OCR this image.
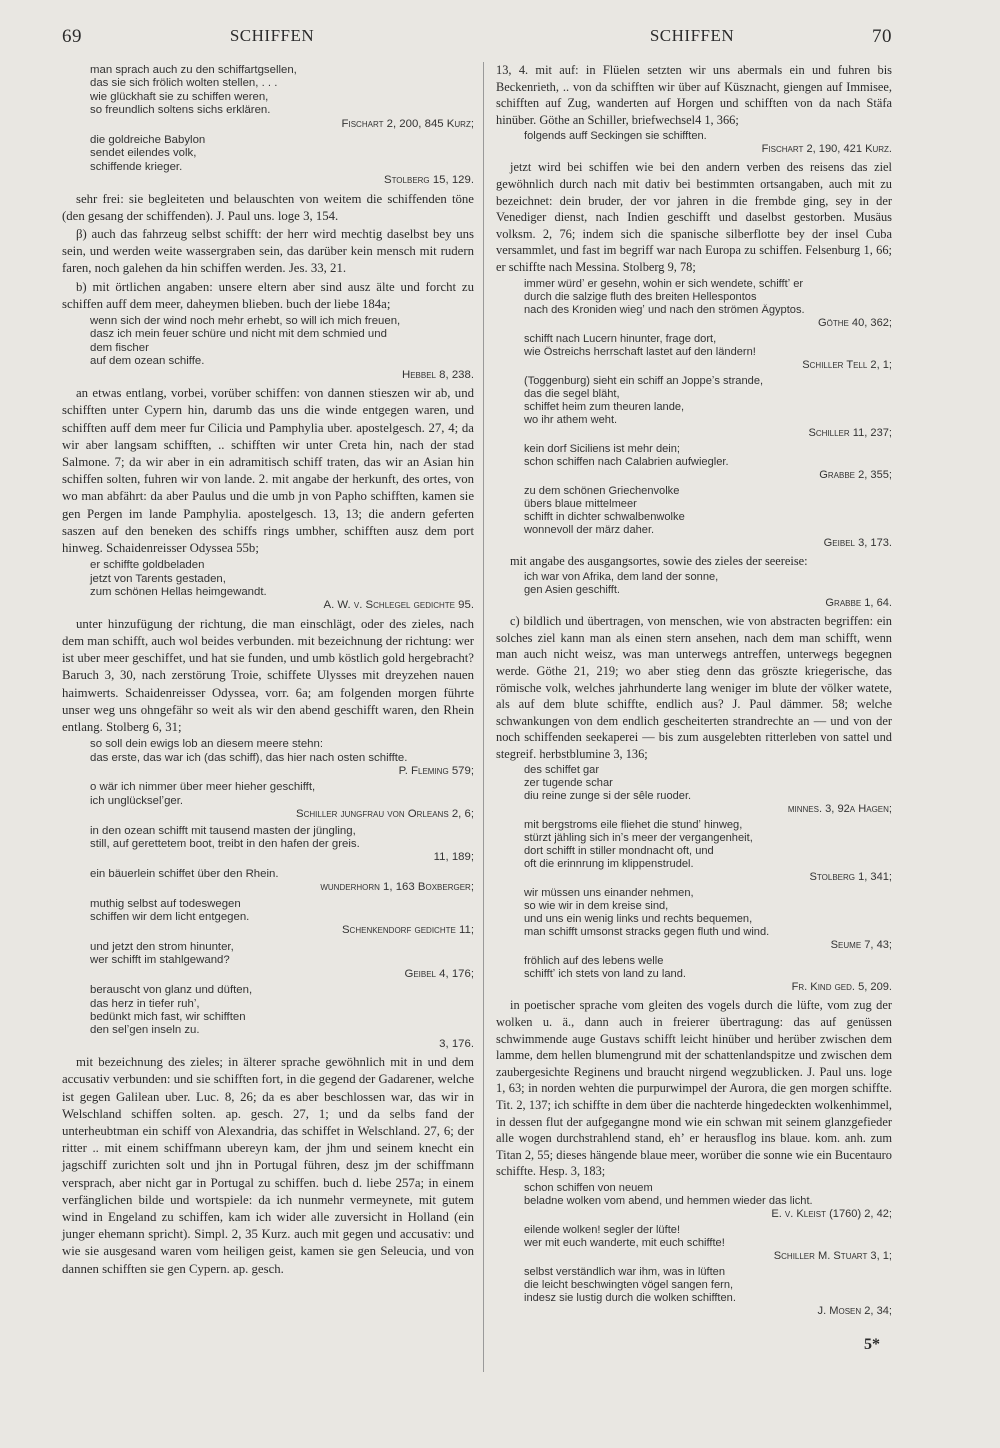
69	SCHIFFEN	SCHIFFEN	70
man sprach auch zu den schiffartgsellen,
das sie sich frölich wolten stellen, . . .
wie glückhaft sie zu schiffen weren,
so freundlich soltens sichs erklären.
Fischart 2, 200, 845 Kurz;
die goldreiche Babylon
sendet eilendes volk,
schiffende krieger.
Stolberg 15, 129.

sehr frei: sie begleiteten und belauschten von weitem die schiffenden töne (den gesang der schiffenden). J. Paul uns. loge 3, 154.

β) auch das fahrzeug selbst schifft: der herr wird mechtig daselbst bey uns sein, und werden weite wassergraben sein, das darüber kein mensch mit rudern faren, noch galehen da hin schiffen werden. Jes. 33, 21.

b) mit örtlichen angaben: unsere eltern aber sind ausz älte und forcht zu schiffen auff dem meer, daheymen blieben. buch der liebe 184a;

wenn sich der wind noch mehr erhebt, so will ich mich freuen,
dasz ich mein feuer schüre und nicht mit dem schmied und
dem fischer
auf dem ozean schiffe.
Hebbel 8, 238.

an etwas entlang, vorbei, vorüber schiffen: von dannen stieszen wir ab, und schifften unter Cypern hin, darumb das uns die winde entgegen waren, und schifften auff dem meer fur Cilicia und Pamphylia uber. apostelgesch. 27, 4; da wir aber langsam schifften, .. schifften wir unter Creta hin, nach der stad Salmone. 7; da wir aber in ein adramitisch schiff traten, das wir an Asian hin schiffen solten, fuhren wir von lande. 2. mit angabe der herkunft, des ortes, von wo man abfährt: da aber Paulus und die umb jn von Papho schifften, kamen sie gen Pergen im lande Pamphylia. apostelgesch. 13, 13; die andern geferten saszen auf den beneken des schiffs rings umbher, schifften ausz dem port hinweg. Schaidenreisser Odyssea 55b;

er schiffte goldbeladen
jetzt von Tarents gestaden,
zum schönen Hellas heimgewandt.
A. W. v. Schlegel gedichte 95.

unter hinzufügung der richtung, die man einschlägt, oder des zieles, nach dem man schifft, auch wol beides verbunden. mit bezeichnung der richtung: wer ist uber meer geschiffet, und hat sie funden, und umb köstlich gold hergebracht? Baruch 3, 30, nach zerstörung Troie, schiffete Ulysses mit dreyzehen nauen haimwerts. Schaidenreisser Odyssea, vorr. 6a; am folgenden morgen führte unser weg uns ohngefähr so weit als wir den abend geschifft waren, den Rhein entlang. Stolberg 6, 31;

so soll dein ewigs lob an diesem meere stehn:
das erste, das war ich (das schiff), das hier nach osten schiffte.
P. Fleming 579;
o wär ich nimmer über meer hieher geschifft,
ich unglückselʼger.
Schiller jungfrau von Orleans 2, 6;
in den ozean schifft mit tausend masten der jüngling,
still, auf gerettetem boot, treibt in den hafen der greis.
11, 189;
ein bäuerlein schiffet über den Rhein.
wunderhorn 1, 163 Boxberger;
muthig selbst auf todeswegen
schiffen wir dem licht entgegen.
Schenkendorf gedichte 11;
und jetzt den strom hinunter,
wer schifft im stahlgewand?
Geibel 4, 176;
berauscht von glanz und düften,
das herz in tiefer ruhʼ,
bedünkt mich fast, wir schifften
den selʼgen inseln zu.
3, 176.

mit bezeichnung des zieles; in älterer sprache gewöhnlich mit in und dem accusativ verbunden: und sie schifften fort, in die gegend der Gadarener, welche ist gegen Galilean uber. Luc. 8, 26; da es aber beschlossen war, das wir in Welschland schiffen solten. ap. gesch. 27, 1; und da selbs fand der unterheubtman ein schiff von Alexandria, das schiffet in Welschland. 27, 6; der ritter .. mit einem schiffmann ubereyn kam, der jhm und seinem knecht ein jagschiff zurichten solt und jhn in Portugal führen, desz jm der schiffmann versprach, aber nicht gar in Portugal zu schiffen. buch d. liebe 257a; in einem verfänglichen bilde und wortspiele: da ich nunmehr vermeynete, mit gutem wind in Engeland zu schiffen, kam ich wider alle zuversicht in Holland (ein junger ehemann spricht). Simpl. 2, 35 Kurz. auch mit gegen und accusativ: und wie sie ausgesand waren vom heiligen geist, kamen sie gen Seleucia, und von dannen schifften sie gen Cypern. ap. gesch.

13, 4. mit auf: in Flüelen setzten wir uns abermals ein und fuhren bis Beckenrieth, .. von da schifften wir über auf Küsznacht, giengen auf Immisee, schifften auf Zug, wanderten auf Horgen und schifften von da nach Stäfa hinüber. Göthe an Schiller, briefwechsel4 1, 366;

folgends auff Seckingen sie schifften.
Fischart 2, 190, 421 Kurz.

jetzt wird bei schiffen wie bei den andern verben des reisens das ziel gewöhnlich durch nach mit dativ bei bestimmten ortsangaben, auch mit zu bezeichnet: dein bruder, der vor jahren in die frembde ging, sey in der Venediger dienst, nach Indien geschifft und daselbst gestorben. Musäus volksm. 2, 76; indem sich die spanische silberflotte bey der insel Cuba versammlet, und fast im begriff war nach Europa zu schiffen. Felsenburg 1, 66; er schiffte nach Messina. Stolberg 9, 78;

immer würdʼ er gesehn, wohin er sich wendete, schifftʼ er
durch die salzige fluth des breiten Hellespontos
nach des Kroniden wiegʼ und nach den strömen Ägyptos.
Göthe 40, 362;
schifft nach Lucern hinunter, frage dort,
wie Östreichs herrschaft lastet auf den ländern!
Schiller Tell 2, 1;
(Toggenburg) sieht ein schiff an Joppeʼs strande,
das die segel bläht,
schiffet heim zum theuren lande,
wo ihr athem weht.
Schiller 11, 237;
kein dorf Siciliens ist mehr dein;
schon schiffen nach Calabrien aufwiegler.
Grabbe 2, 355;
zu dem schönen Griechenvolke
übers blaue mittelmeer
schifft in dichter schwalbenwolke
wonnevoll der märz daher.
Geibel 3, 173.

mit angabe des ausgangsortes, sowie des zieles der seereise:

ich war von Afrika, dem land der sonne,
gen Asien geschifft.
Grabbe 1, 64.

c) bildlich und übertragen, von menschen, wie von abstracten begriffen: ein solches ziel kann man als einen stern ansehen, nach dem man schifft, wenn man auch nicht weisz, was man unterwegs antreffen, unterwegs begegnen werde. Göthe 21, 219; wo aber stieg denn das gröszte kriegerische, das römische volk, welches jahrhunderte lang weniger im blute der völker watete, als auf dem blute schiffte, endlich aus? J. Paul dämmer. 58; welche schwankungen von dem endlich gescheiterten strandrechte an — und von der noch schiffenden seekaperei — bis zum ausgelebten ritterleben von sattel und stegreif. herbstblumine 3, 136;

des schiffet gar
zer tugende schar
diu reine zunge si der sêle ruoder.
minnes. 3, 92a Hagen;
mit bergstroms eile fliehet die stundʼ hinweg,
stürzt jähling sich inʼs meer der vergangenheit,
dort schifft in stiller mondnacht oft, und
oft die erinnrung im klippenstrudel.
Stolberg 1, 341;
wir müssen uns einander nehmen,
so wie wir in dem kreise sind,
und uns ein wenig links und rechts bequemen,
man schifft umsonst stracks gegen fluth und wind.
Seume 7, 43;
fröhlich auf des lebens welle
schifftʼ ich stets von land zu land.
Fr. Kind ged. 5, 209.

in poetischer sprache vom gleiten des vogels durch die lüfte, vom zug der wolken u. ä., dann auch in freierer übertragung: das auf genüssen schwimmende auge Gustavs schifft leicht hinüber und herüber zwischen dem lamme, dem hellen blumengrund mit der schattenlandspitze und zwischen dem zaubergesichte Reginens und braucht nirgend wegzublicken. J. Paul uns. loge 1, 63; in norden wehten die purpurwimpel der Aurora, die gen morgen schiffte. Tit. 2, 137; ich schiffte in dem über die nachterde hingedeckten wolkenhimmel, in dessen flut der aufgegangne mond wie ein schwan mit seinem glanzgefieder alle wogen durchstrahlend stand, ehʼ er herausflog ins blaue. kom. anh. zum Titan 2, 55; dieses hängende blaue meer, worüber die sonne wie ein Bucentauro schiffte. Hesp. 3, 183;

schon schiffen von neuem
beladne wolken vom abend, und hemmen wieder das licht.
E. v. Kleist (1760) 2, 42;
eilende wolken! segler der lüfte!
wer mit euch wanderte, mit euch schiffte!
Schiller M. Stuart 3, 1;
selbst verständlich war ihm, was in lüften
die leicht beschwingten vögel sangen fern,
indesz sie lustig durch die wolken schifften.
J. Mosen 2, 34;
5*
